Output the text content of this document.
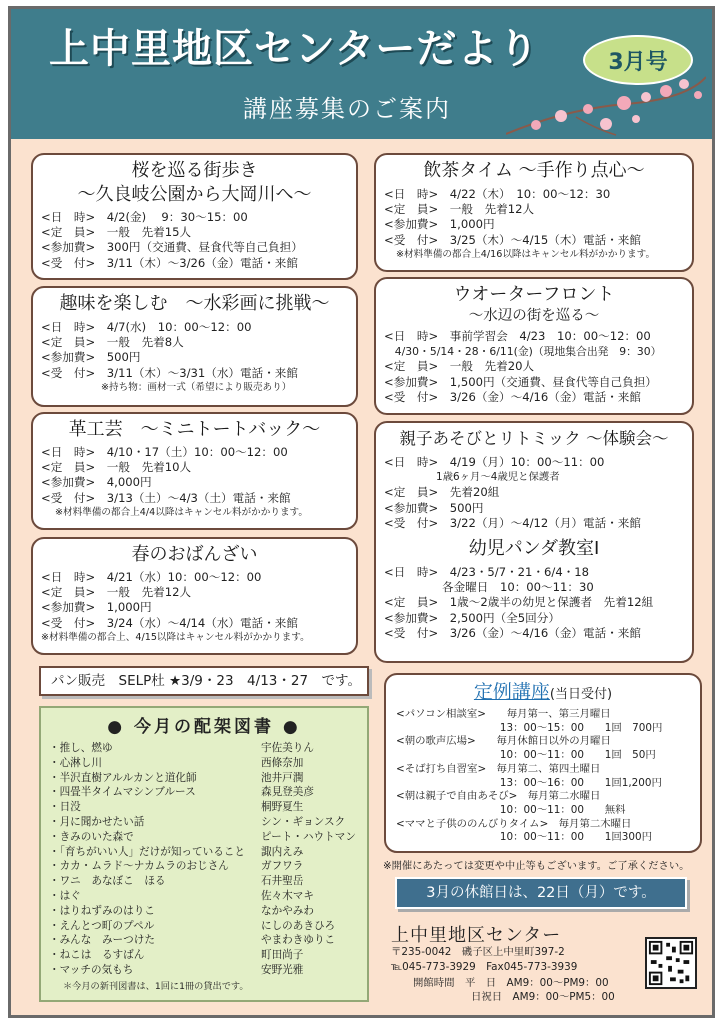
上中里地区センターだより
講座募集のご案内
3月号
桜を巡る街歩き
～久良岐公園から大岡川へ～
<日　時>　4/2(金)　 9：30～15：00
<定　員>　一般　先着15人
<参加費>　300円（交通費、昼食代等自己負担）
<受　付>　3/11（木）～3/26（金）電話・来館
趣味を楽しむ　～水彩画に挑戦～
<日　時>　4/7(水)　10：00～12：00
<定　員>　一般　先着8人
<参加費>　500円
<受　付>　3/11（木）～3/31（水）電話・来館
※持ち物：画材一式（希望により販売あり）
革工芸　～ミニトートバック～
<日　時>　4/10・17（土）10：00～12：00
<定　員>　一般　先着10人
<参加費>　4,000円
<受　付>　3/13（土）～4/3（土）電話・来館
※材料準備の都合上4/4以降はキャンセル料がかかります。
春のおばんざい
<日　時>　4/21（水）10：00～12：00
<定　員>　一般　先着12人
<参加費>　1,000円
<受　付>　3/24（水）～4/14（水）電話・来館
※材料準備の都合上、4/15以降はキャンセル料がかかります。
飲茶タイム ～手作り点心～
<日　時>　4/22（木）　10：00～12：30
<定　員>　一般　先着12人
<参加費>　1,000円
<受　付>　3/25（木）～4/15（木）電話・来館
※材料準備の都合上4/16以降はキャンセル料がかかります。
ウオーターフロント
～水辺の街を巡る～
<日　時>　事前学習会　4/23　10：00～12：00
　4/30・5/14・28・6/11(金)（現地集合出発　9：30）
<定　員>　一般　先着20人
<参加費>　1,500円（交通費、昼食代等自己負担）
<受　付>　3/26（金）～4/16（金）電話・来館
親子あそびとリトミック ～体験会～
<日　時>　4/19（月）10：00～11：00
　　　　　1歳6ヶ月～4歳児と保護者
<定　員>　先着20組
<参加費>　500円
<受　付>　3/22（月）～4/12（月）電話・来館
幼児パンダ教室Ⅰ
<日　時>　4/23・5/7・21・6/4・18
　　　　　各金曜日　10：00～11：30
<定　員>　1歳～2歳半の幼児と保護者　先着12組
<参加費>　2,500円（全5回分）
<受　付>　3/26（金）～4/16（金）電話・来館
パン販売　SELP杜 ★3/9・23　4/13・27　です。
● 今月の配架図書 ●
・推し、燃ゆ	宇佐美りん
・心淋し川	西條奈加
・半沢直樹アルルカンと道化師	池井戸潤
・四畳半タイムマシンブルース	森見登美彦
・日没	桐野夏生
・月に聞かせたい話	シン・ギョンスク
・きみのいた森で	ピート・ハウトマン
・「育ちがいい人」だけが知っていること	諏内えみ
・カカ・ムラド～ナカムラのおじさん	ガフワラ
・ワニ　あなぼこ　ほる	石井聖岳
・はぐ	佐々木マキ
・はりねずみのはりこ	なかやみわ
・えんとつ町のプペル	にしのあきひろ
・みんな　みーつけた	やまわきゆりこ
・ねこは　るすばん	町田尚子
・マッチの気もち	安野光雅
＊今月の新刊図書は、1回に1冊の貸出です。
定例講座(当日受付)
<パソコン相談室>　　毎月第一、第三月曜日
　　　　　　　　　　13：00～15：00　　1回　700円
<朝の歌声広場>　　毎月休館日以外の月曜日
　　　　　　　　　　10：00～11：00　　1回　50円
<そば打ち自習室>　毎月第二、第四土曜日
　　　　　　　　　　13：00～16：00　　1回1,200円
<朝は親子で自由あそび>　毎月第二水曜日
　　　　　　　　　　10：00～11：00　　無料
<ママと子供ののんびりタイム>　毎月第二木曜日
　　　　　　　　　　10：00～11：00　　1回300円
※開催にあたっては変更や中止等もございます。ご了承ください。
3月の休館日は、22日（月）です。
上中里地区センター
〒235-0042　磯子区上中里町397-2
℡045-773-3929　Fax045-773-3939
開館時間　平　日　AM9：00～PM9：00
日祝日　AM9：00～PM5：00
